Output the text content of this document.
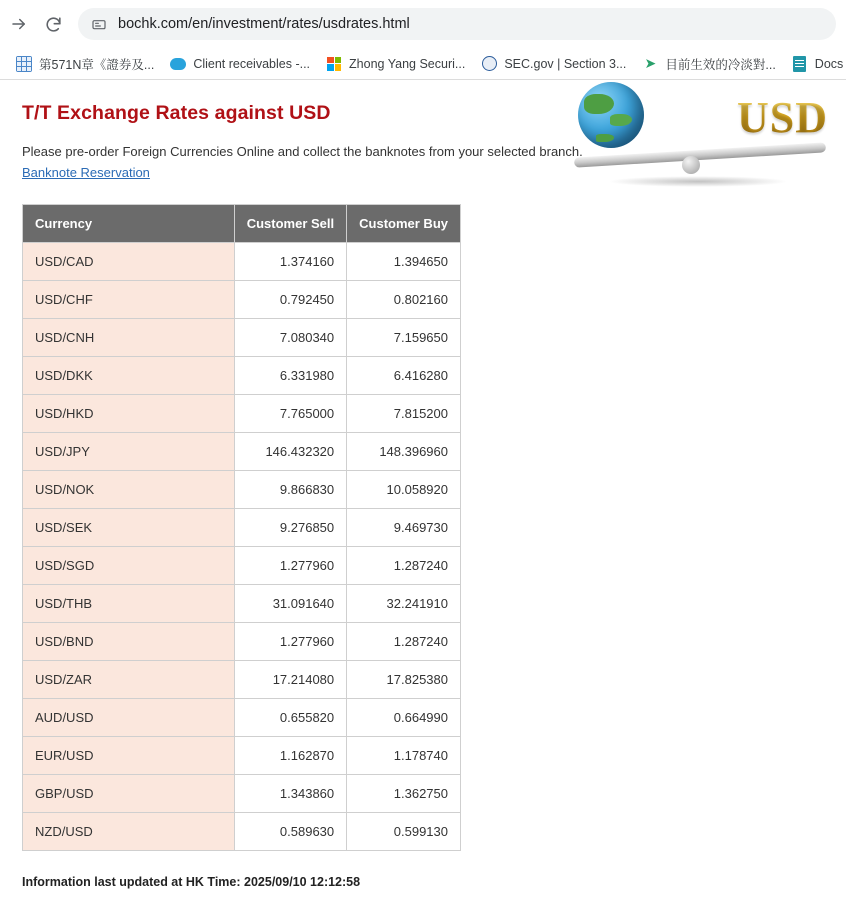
bochk.com/en/investment/rates/usdrates.html
第571N章《證券及...	Client receivables -...	Zhong Yang Securi...	SEC.gov | Section 3... ➤ 目前生效的冷淡對...	Docs
USD
T/T Exchange Rates against USD

Please pre-order Foreign Currencies Online and collect the banknotes from your selected branch.

Banknote Reservation
Currency	Customer Sell	Customer Buy
USD/CAD	1.374160	1.394650
USD/CHF	0.792450	0.802160
USD/CNH	7.080340	7.159650
USD/DKK	6.331980	6.416280
USD/HKD	7.765000	7.815200
USD/JPY	146.432320	148.396960
USD/NOK	9.866830	10.058920
USD/SEK	9.276850	9.469730
USD/SGD	1.277960	1.287240
USD/THB	31.091640	32.241910
USD/BND	1.277960	1.287240
USD/ZAR	17.214080	17.825380
AUD/USD	0.655820	0.664990
EUR/USD	1.162870	1.178740
GBP/USD	1.343860	1.362750
NZD/USD	0.589630	0.599130
Information last updated at HK Time: 2025/09/10 12:12:58
